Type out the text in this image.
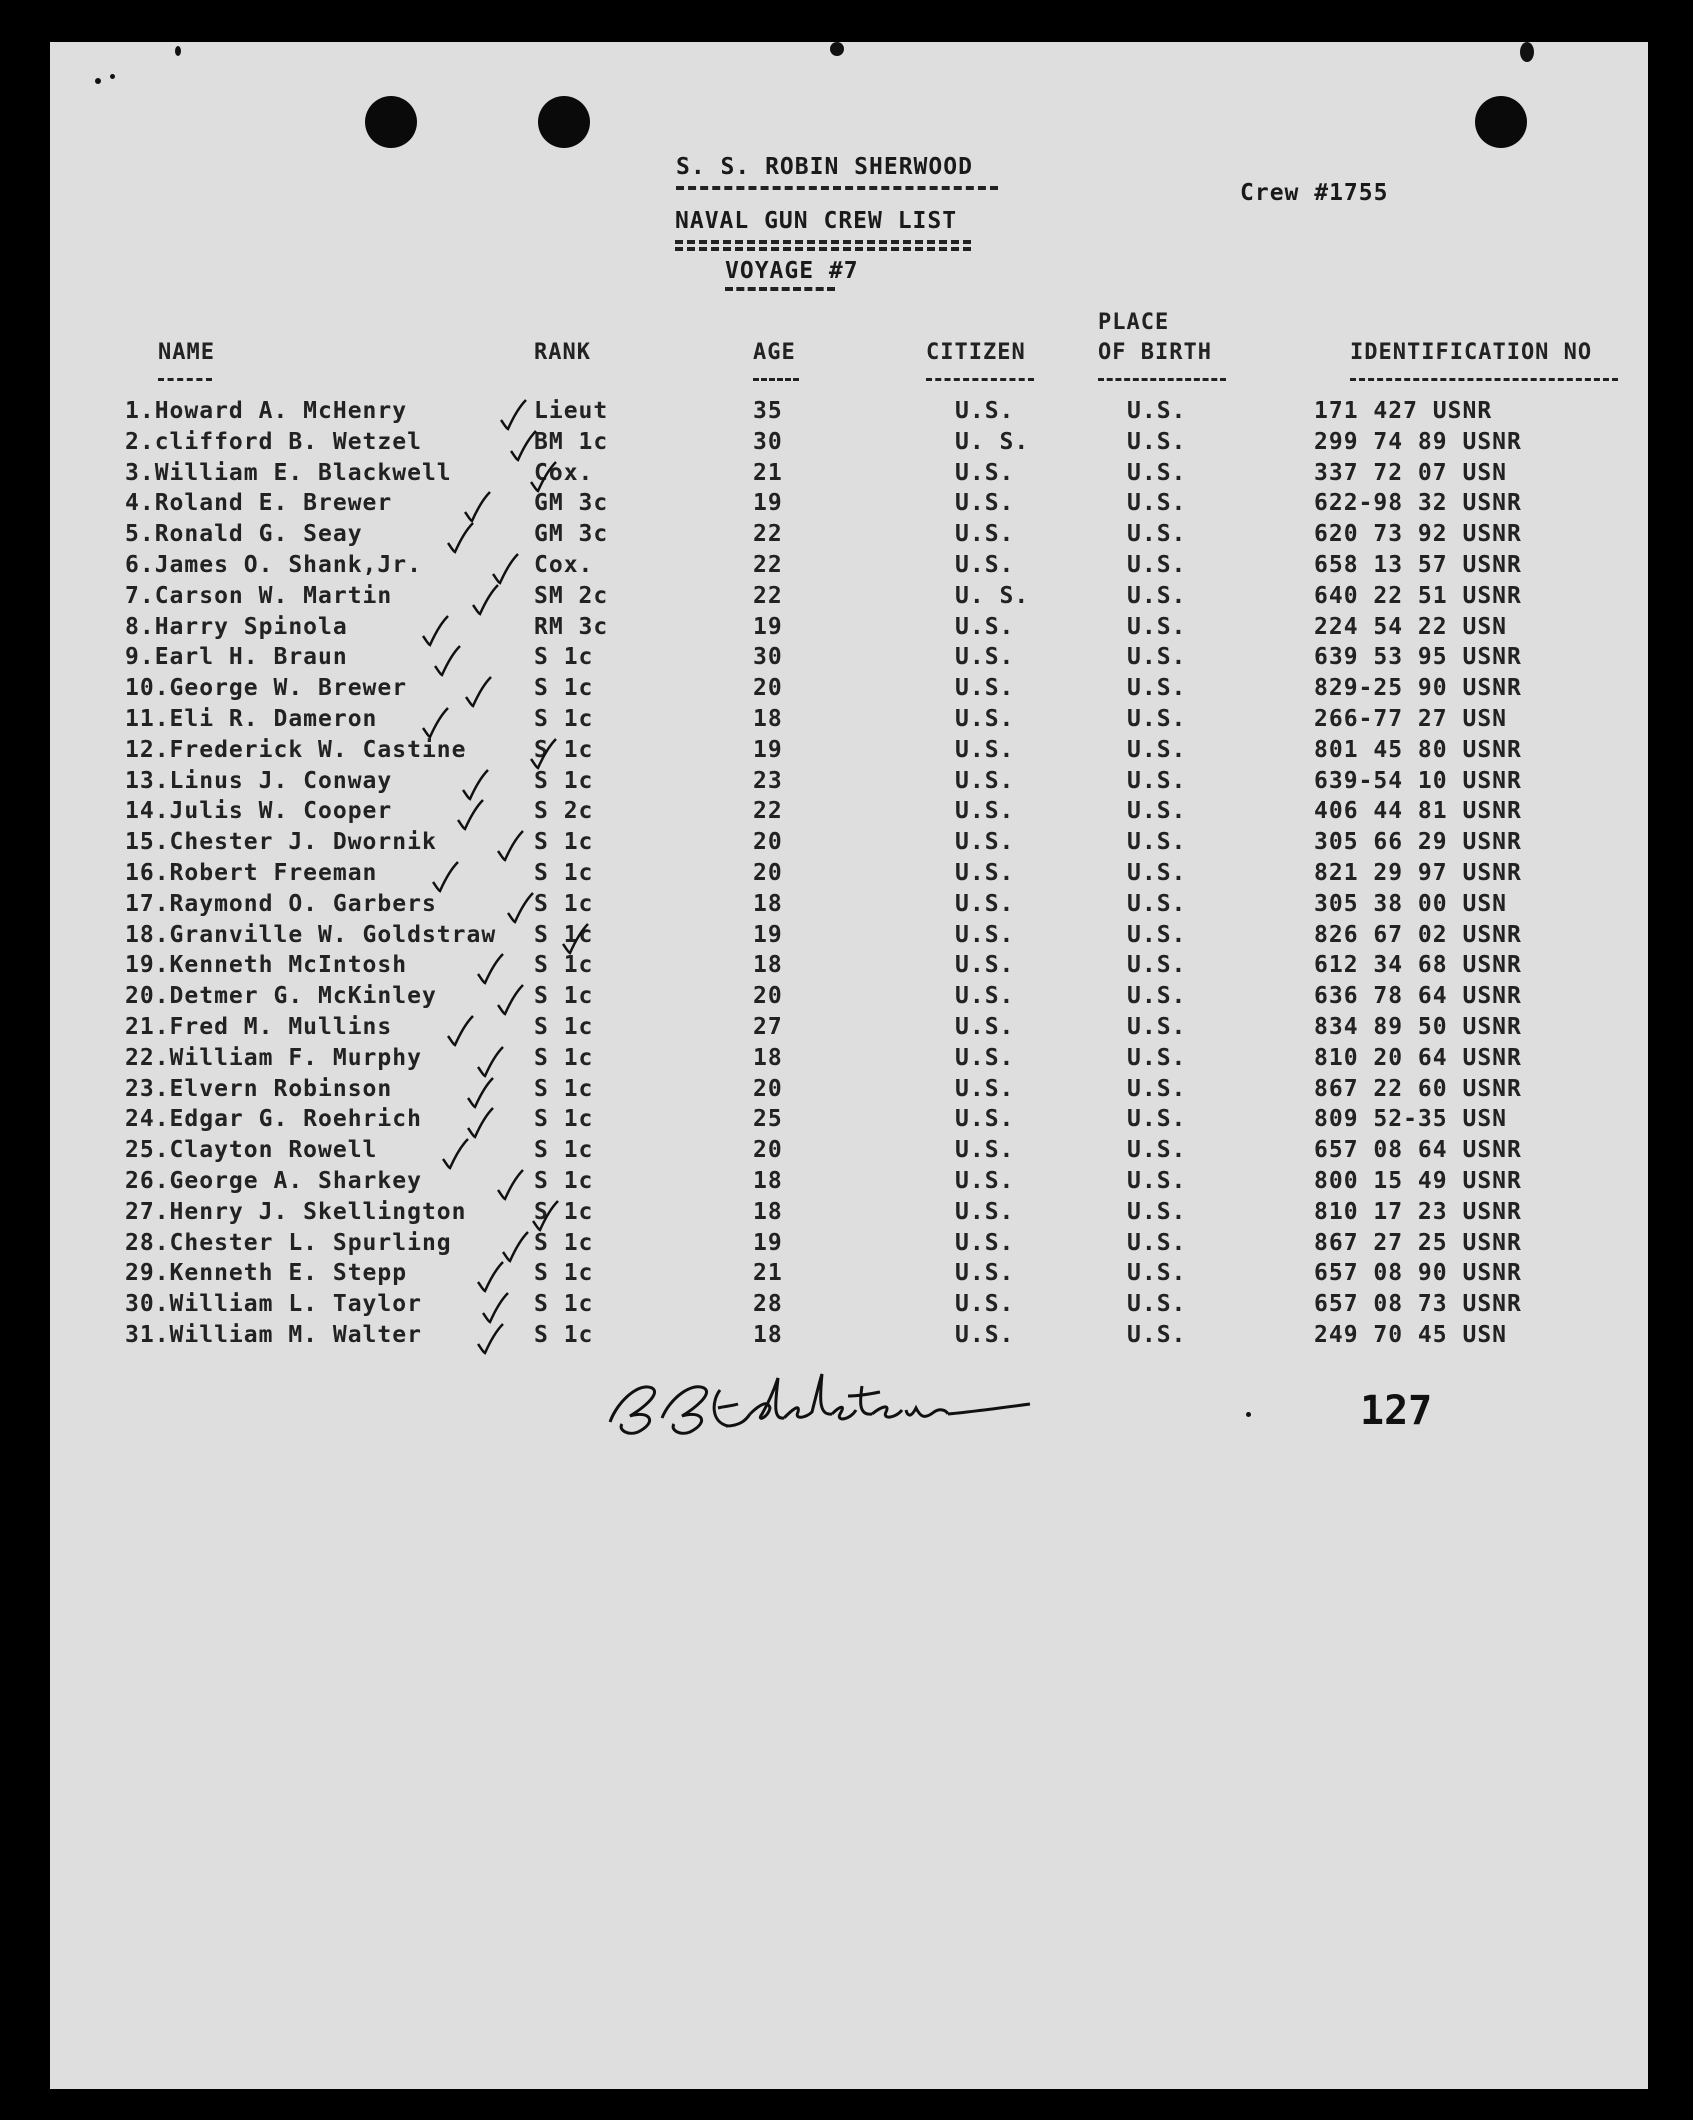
S. S. ROBIN SHERWOOD
NAVAL GUN CREW LIST
VOYAGE #7
Crew #1755
NAME	RANK	AGE	CITIZEN
PLACE
OF BIRTH	IDENTIFICATION NO
1.Howard A. McHenry	Lieut	35	U.S.	U.S.	171 427 USNR
2.clifford B. Wetzel	BM 1c	30	U. S.	U.S.	299 74 89 USNR
3.William E. Blackwell	Cox.	21	U.S.	U.S.	337 72 07 USN
4.Roland E. Brewer	GM 3c	19	U.S.	U.S.	622-98 32 USNR
5.Ronald G. Seay	GM 3c	22	U.S.	U.S.	620 73 92 USNR
6.James O. Shank,Jr.	Cox.	22	U.S.	U.S.	658 13 57 USNR
7.Carson W. Martin	SM 2c	22	U. S.	U.S.	640 22 51 USNR
8.Harry Spinola	RM 3c	19	U.S.	U.S.	224 54 22 USN
9.Earl H. Braun	S 1c	30	U.S.	U.S.	639 53 95 USNR
10.George W. Brewer	S 1c	20	U.S.	U.S.	829-25 90 USNR
11.Eli R. Dameron	S 1c	18	U.S.	U.S.	266-77 27 USN
12.Frederick W. Castine	S 1c	19	U.S.	U.S.	801 45 80 USNR
13.Linus J. Conway	S 1c	23	U.S.	U.S.	639-54 10 USNR
14.Julis W. Cooper	S 2c	22	U.S.	U.S.	406 44 81 USNR
15.Chester J. Dwornik	S 1c	20	U.S.	U.S.	305 66 29 USNR
16.Robert Freeman	S 1c	20	U.S.	U.S.	821 29 97 USNR
17.Raymond O. Garbers	S 1c	18	U.S.	U.S.	305 38 00 USN
18.Granville W. Goldstraw S 1c	19	U.S.	U.S.	826 67 02 USNR
19.Kenneth McIntosh	S 1c	18	U.S.	U.S.	612 34 68 USNR
20.Detmer G. McKinley	S 1c	20	U.S.	U.S.	636 78 64 USNR
21.Fred M. Mullins	S 1c	27	U.S.	U.S.	834 89 50 USNR
22.William F. Murphy	S 1c	18	U.S.	U.S.	810 20 64 USNR
23.Elvern Robinson	S 1c	20	U.S.	U.S.	867 22 60 USNR
24.Edgar G. Roehrich	S 1c	25	U.S.	U.S.	809 52-35 USN
25.Clayton Rowell	S 1c	20	U.S.	U.S.	657 08 64 USNR
26.George A. Sharkey	S 1c	18	U.S.	U.S.	800 15 49 USNR
27.Henry J. Skellington	S 1c	18	U.S.	U.S.	810 17 23 USNR
28.Chester L. Spurling	S 1c	19	U.S.	U.S.	867 27 25 USNR
29.Kenneth E. Stepp	S 1c	21	U.S.	U.S.	657 08 90 USNR
30.William L. Taylor	S 1c	28	U.S.	U.S.	657 08 73 USNR
31.William M. Walter	S 1c	18	U.S.	U.S.	249 70 45 USN
127
